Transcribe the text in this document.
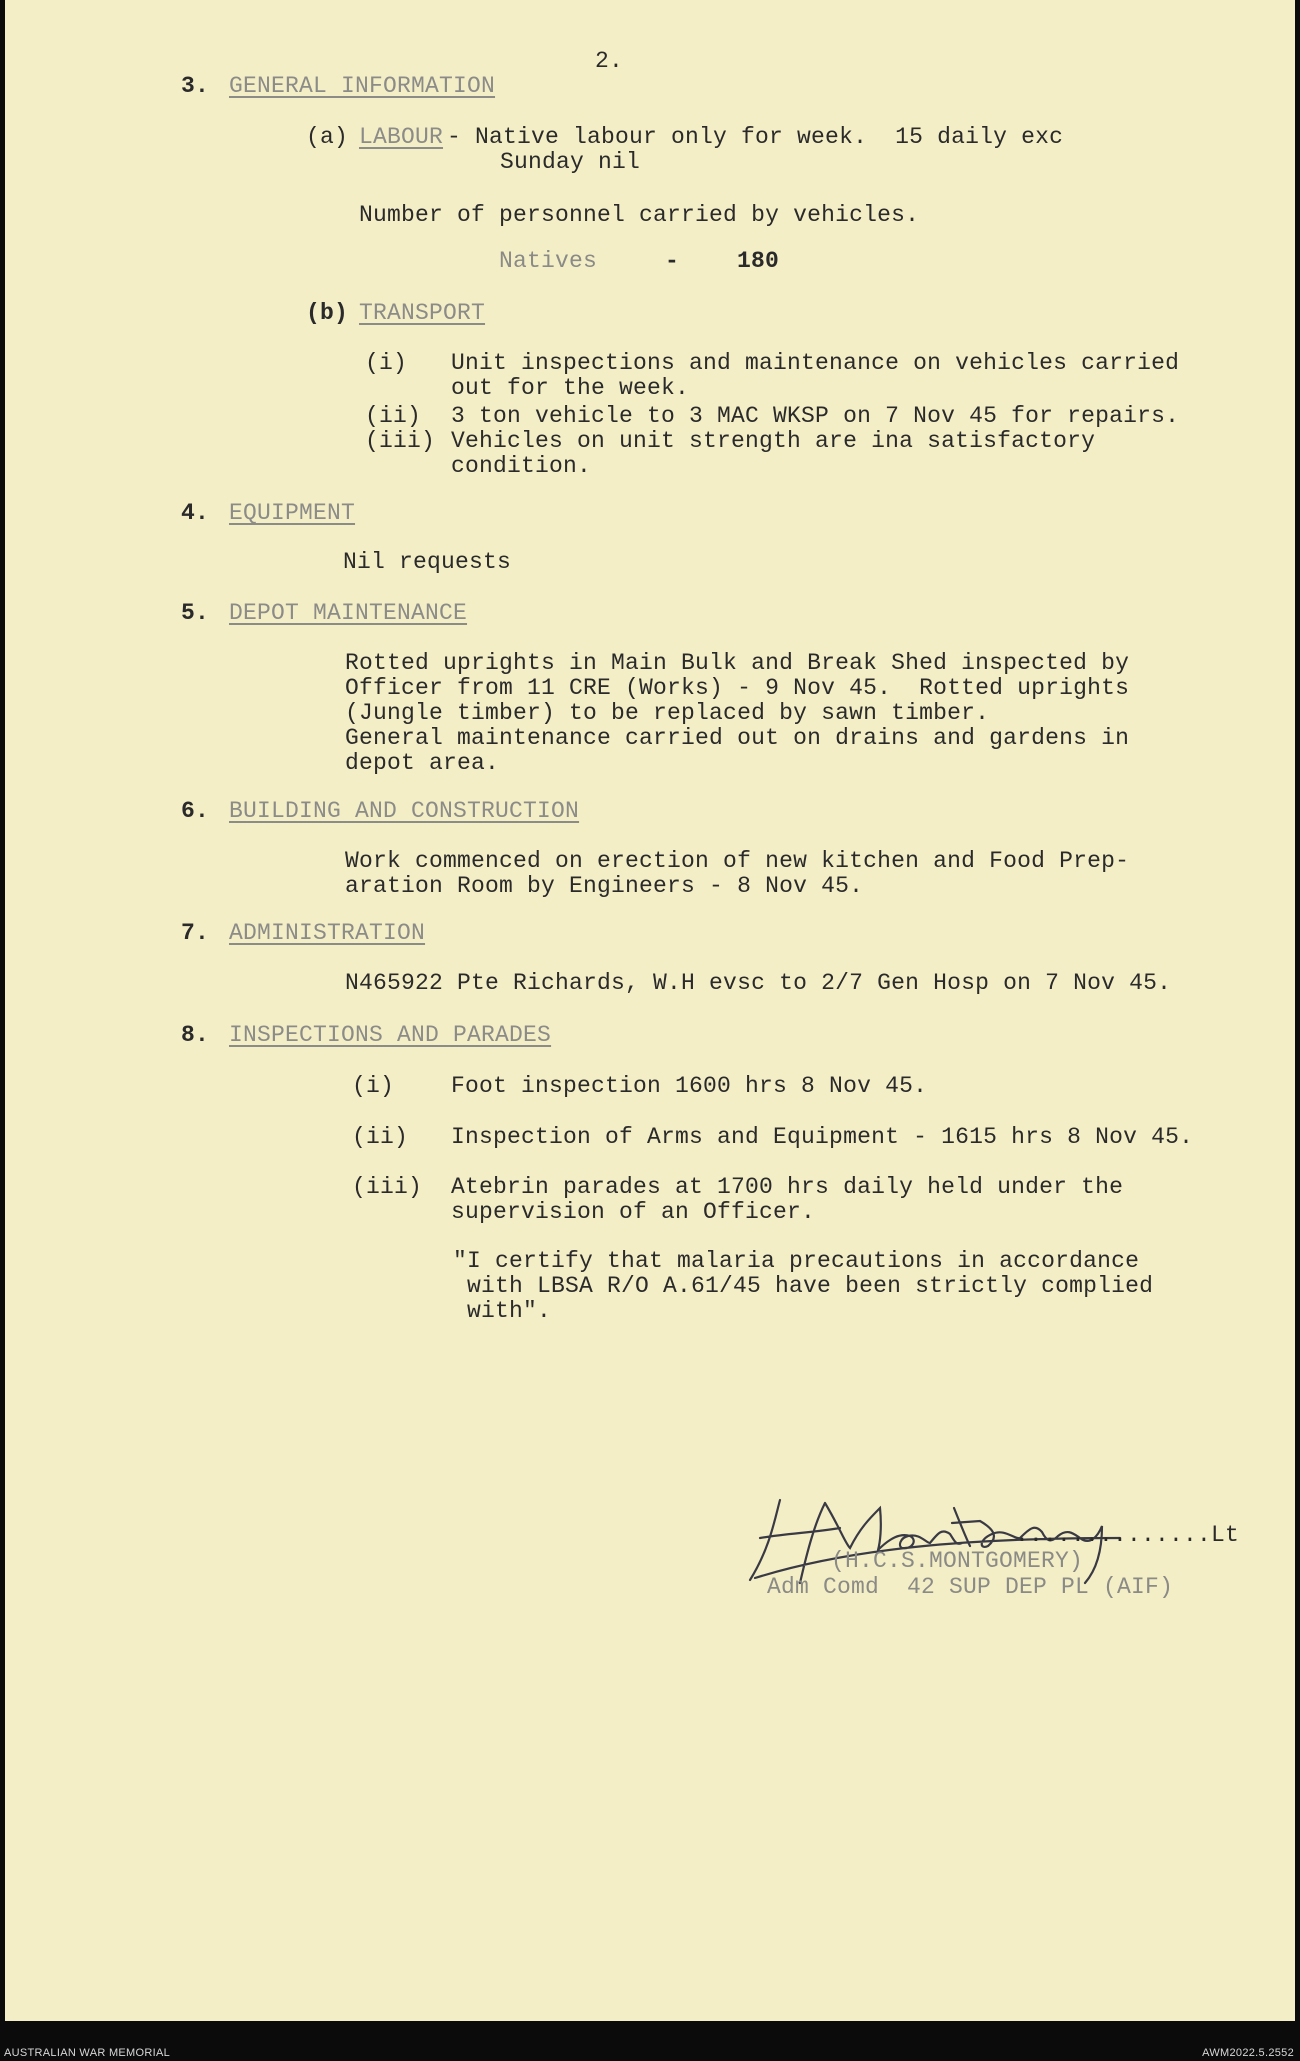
2.
3. GENERAL INFORMATION
(a) LABOUR - Native labour only for week.  15 daily exc
Sunday nil
Number of personnel carried by vehicles.
Natives	-	180
(b) TRANSPORT
(i) Unit inspections and maintenance on vehicles carried
out for the week.
(ii) 3 ton vehicle to 3 MAC WKSP on 7 Nov 45 for repairs.
(iii) Vehicles on unit strength are ina satisfactory
condition.
4. EQUIPMENT
Nil requests
5. DEPOT MAINTENANCE
Rotted uprights in Main Bulk and Break Shed inspected by
Officer from 11 CRE (Works) - 9 Nov 45.  Rotted uprights
(Jungle timber) to be replaced by sawn timber.
General maintenance carried out on drains and gardens in
depot area.
6. BUILDING AND CONSTRUCTION
Work commenced on erection of new kitchen and Food Prep-
aration Room by Engineers - 8 Nov 45.
7. ADMINISTRATION
N465922 Pte Richards, W.H evsc to 2/7 Gen Hosp on 7 Nov 45.
8. INSPECTIONS AND PARADES
(i) Foot inspection 1600 hrs 8 Nov 45.
(ii) Inspection of Arms and Equipment - 1615 hrs 8 Nov 45.
(iii) Atebrin parades at 1700 hrs daily held under the
supervision of an Officer.
"I certify that malaria precautions in accordance
with LBSA R/O A.61/45 have been strictly complied
with".
..............Lt
(H.C.S.MONTGOMERY)
Adm Comd  42 SUP DEP PL (AIF)
AUSTRALIAN WAR MEMORIAL	AWM2022.5.2552
